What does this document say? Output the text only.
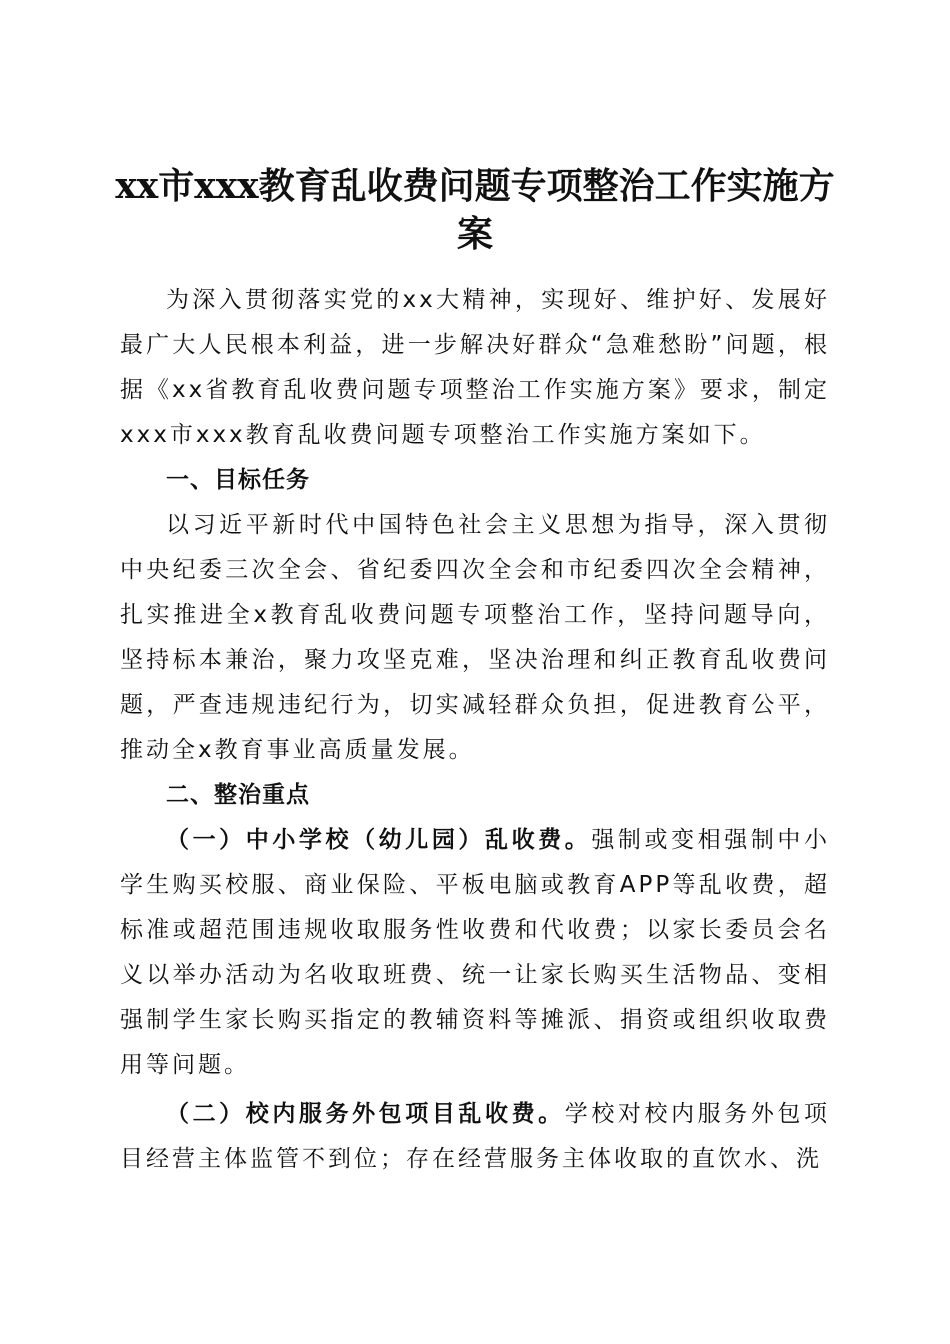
xx市xxx教育乱收费问题专项整治工作实施方案

为深入贯彻落实党的xx大精神，实现好、维护好、发展好最广大人民根本利益，进一步解决好群众“急难愁盼”问题，根据《xx省教育乱收费问题专项整治工作实施方案》要求，制定xxx市xxx教育乱收费问题专项整治工作实施方案如下。

一、目标任务

以习近平新时代中国特色社会主义思想为指导，深入贯彻中央纪委三次全会、省纪委四次全会和市纪委四次全会精神，扎实推进全x教育乱收费问题专项整治工作，坚持问题导向，坚持标本兼治，聚力攻坚克难，坚决治理和纠正教育乱收费问题，严查违规违纪行为，切实减轻群众负担，促进教育公平，推动全x教育事业高质量发展。

二、整治重点

（一）中小学校（幼儿园）乱收费。强制或变相强制中小学生购买校服、商业保险、平板电脑或教育APP等乱收费，超标准或超范围违规收取服务性收费和代收费；以家长委员会名义以举办活动为名收取班费、统一让家长购买生活物品、变相强制学生家长购买指定的教辅资料等摊派、捐资或组织收取费用等问题。

（二）校内服务外包项目乱收费。学校对校内服务外包项目经营主体监管不到位；存在经营服务主体收取的直饮水、洗
